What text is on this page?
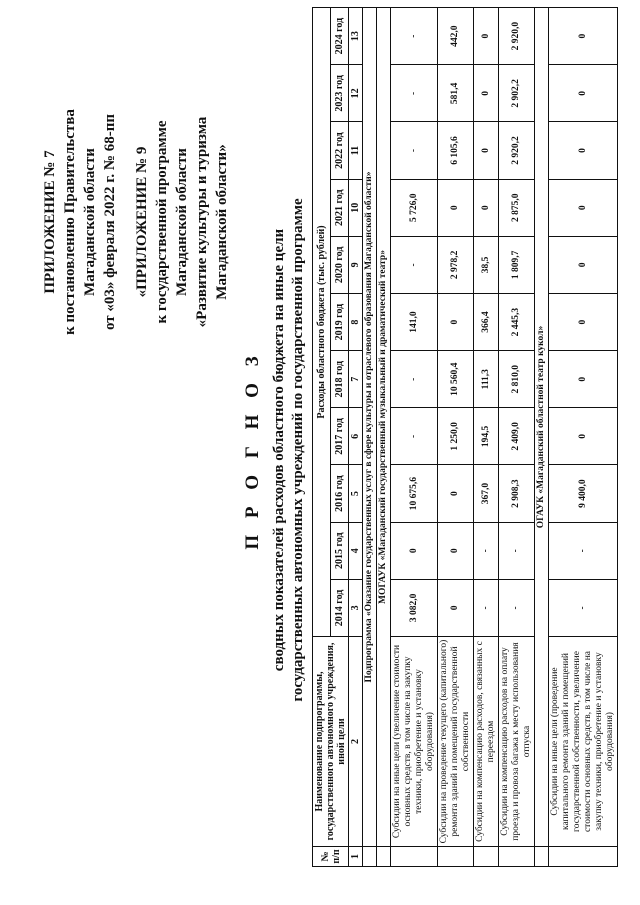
ПРИЛОЖЕНИЕ № 7 к постановлению Правительства Магаданской области от «03» февраля 2022 г. № 68-пп «ПРИЛОЖЕНИЕ № 9 к государственной программе Магаданской области «Развитие культуры и туризма Магаданской области»
П Р О Г Н О З сводных показателей расходов областного бюджета на иные цели государственных автономных учреждений по государственной программе
№ п/п	Наименование подпрограммы, государственного автономного учреждения, иной цели	Расходы областного бюджета (тыс. рублей)										
		2014 год	2015 год	2016 год	2017 год	2018 год	2019 год	2020 год	2021 год	2022 год	2023 год	2024 год
1	2	3	4	5	6	7	8	9	10	11	12	13
	Подпрограмма «Оказание государственных услуг в сфере культуры и отраслевого образования Магаданской области»											
	МОГАУК «Магаданский государственный музыкальный и драматический театр»											
	Субсидии на иные цели (увеличение стоимости основных средств, в том числе на закупку техники, приобретение и установку оборудования)	3 082,0	0	10 675,6	-	-	141,0	-	5 726,0	-	-	-
	Субсидии на проведение текущего (капитального) ремонта зданий и помещений государственной собственности	0	0	0	1 250,0	10 560,4	0	2 978,2	0	6 105,6	581,4	442,0
	Субсидии на компенсацию расходов, связанных с переездом	-	-	367,0	194,5	111,3	366,4	38,5	0	0	0	0
	Субсидии на компенсацию расходов на оплату проезда и провоза багажа к месту использования отпуска	-	-	2 908,3	2 409,0	2 810,0	2 445,3	1 809,7	2 875,0	2 920,2	2 902,2	2 920,0
	ОГАУК «Магаданский областной театр кукол»											
	Субсидии на иные цели (проведение капитального ремонта зданий и помещений государственной собственности, увеличение стоимости основных средств, в том числе на закупку техники, приобретение и установку оборудования)	-	-	9 400,0	0	0	0	0	0	0	0	0
